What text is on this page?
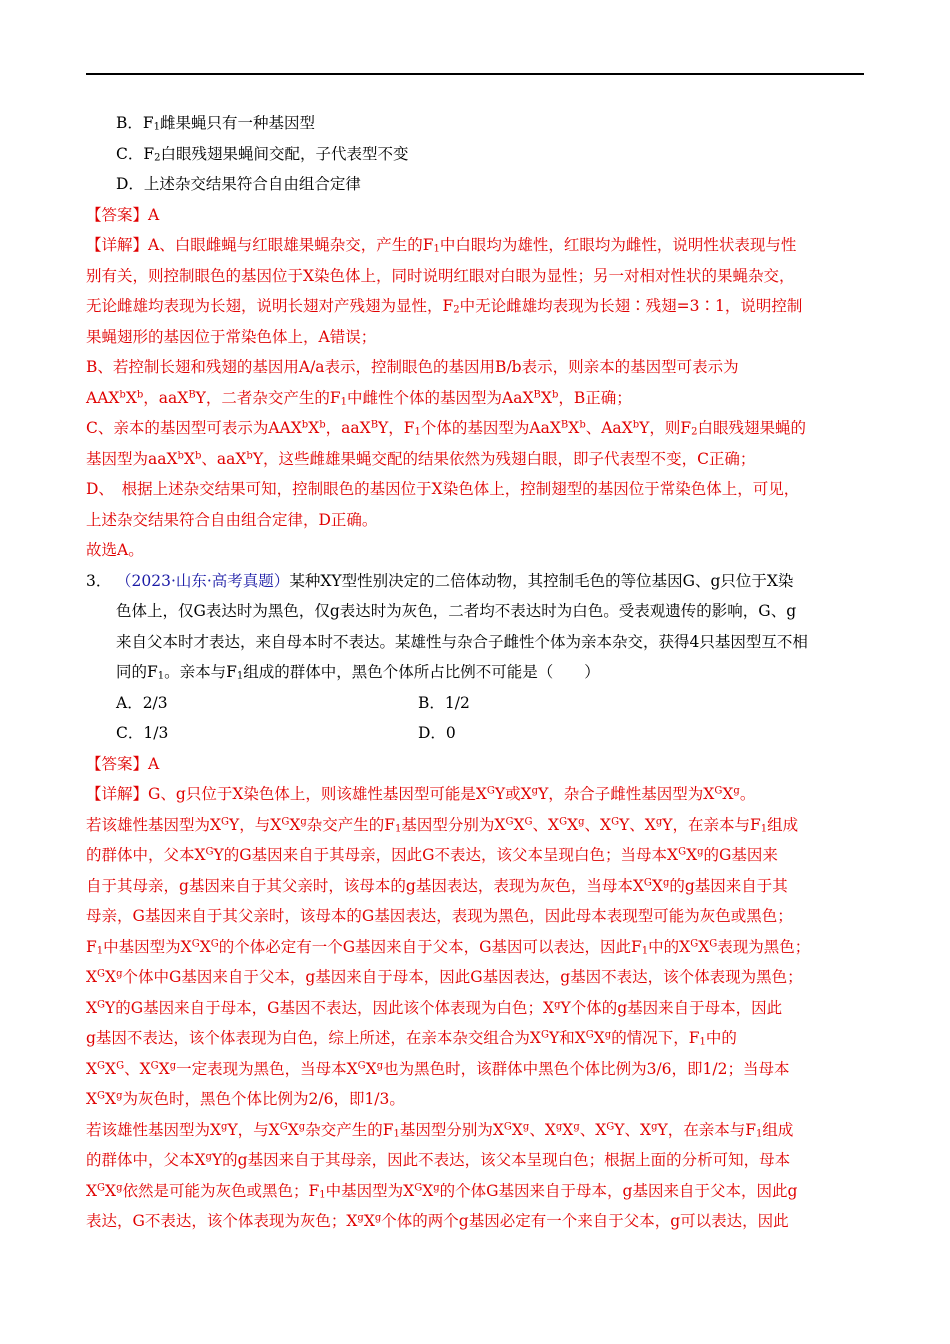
B．$F_1$雌果蝇只有一种基因型
C．$F_2$白眼残翅果蝇间交配，子代表型不变
D．上述杂交结果符合自由组合定律
【答案】A
【详解】A、白眼雌蝇与红眼雄果蝇杂交，产生的$F_1$中白眼均为雄性，红眼均为雌性，说明性状表现与性
别有关，则控制眼色的基因位于X染色体上，同时说明红眼对白眼为显性；另一对相对性状的果蝇杂交，
无论雌雄均表现为长翅，说明长翅对产残翅为显性，$F_2$中无论雌雄均表现为长翅∶残翅=3∶1，说明控制
果蝇翅形的基因位于常染色体上，A错误；
B、若控制长翅和残翅的基因用A/a表示，控制眼色的基因用B/b表示，则亲本的基因型可表示为
$AAX^bX^b$，aaX$^B$Y，二者杂交产生的$F_1$中雌性个体的基因型为$AaX^BX^b$，B正确；
C、亲本的基因型可表示为$AAX^bX^b$，aaX$^B$Y，$F_1$个体的基因型为$AaX^BX^b$、AaX$^b$Y，则$F_2$白眼残翅果蝇的
基因型为$aaX^bX^b$、aaX$^b$Y，这些雌雄果蝇交配的结果依然为残翅白眼，即子代表型不变，C正确；
D、　根据上述杂交结果可知，控制眼色的基因位于X染色体上，控制翅型的基因位于常染色体上，可见，
上述杂交结果符合自由组合定律，D正确。
故选A。
3． （2023·山东·高考真题）某种XY型性别决定的二倍体动物，其控制毛色的等位基因G、g只位于X染
色体上，仅G表达时为黑色，仅g表达时为灰色，二者均不表达时为白色。受表观遗传的影响，G、g
来自父本时才表达，来自母本时不表达。某雄性与杂合子雌性个体为亲本杂交，获得4只基因型互不相
同的$F_1$。亲本与$F_1$组成的群体中，黑色个体所占比例不可能是（　　）
A．2/3	B．1/2
C．1/3	D．0
【答案】A
【详解】G、g只位于X染色体上，则该雄性基因型可能是$X^GY$或$X^gY$，杂合子雌性基因型为$X^GX^g$。
若该雄性基因型为$X^GY$，与$X^GX^g$杂交产生的$F_1$基因型分别为$X^GX^G$、$X^GX^g$、$X^GY$、$X^gY$，在亲本与$F_1$组成
的群体中，父本$X^GY$的G基因来自于其母亲，因此G不表达，该父本呈现白色；当母本$X^GX^g$的G基因来
自于其母亲，g基因来自于其父亲时，该母本的g基因表达，表现为灰色，当母本$X^GX^g$的g基因来自于其
母亲，G基因来自于其父亲时，该母本的G基因表达，表现为黑色，因此母本表现型可能为灰色或黑色；
$F_1$中基因型为$X^GX^G$的个体必定有一个G基因来自于父本，G基因可以表达，因此$F_1$中的$X^GX^G$表现为黑色；
$X^GX^g$个体中G基因来自于父本，g基因来自于母本，因此G基因表达，g基因不表达，该个体表现为黑色；
$X^GY$的G基因来自于母本，G基因不表达，因此该个体表现为白色；$X^gY$个体的g基因来自于母本，因此
g基因不表达，该个体表现为白色，综上所述，在亲本杂交组合为$X^GY$和$X^GX^g$的情况下，$F_1$中的
$X^GX^G$、$X^GX^g$一定表现为黑色，当母本$X^GX^g$也为黑色时，该群体中黑色个体比例为3/6，即1/2；当母本
$X^GX^g$为灰色时，黑色个体比例为2/6，即1/3。
若该雄性基因型为$X^gY$，与$X^GX^g$杂交产生的$F_1$基因型分别为$X^GX^g$、$X^gX^g$、$X^GY$、$X^gY$，在亲本与$F_1$组成
的群体中，父本$X^gY$的g基因来自于其母亲，因此不表达，该父本呈现白色；根据上面的分析可知，母本
$X^GX^g$依然是可能为灰色或黑色；$F_1$中基因型为$X^GX^g$的个体G基因来自于母本，g基因来自于父本，因此g
表达，G不表达，该个体表现为灰色；$X^gX^g$个体的两个g基因必定有一个来自于父本，g可以表达，因此
